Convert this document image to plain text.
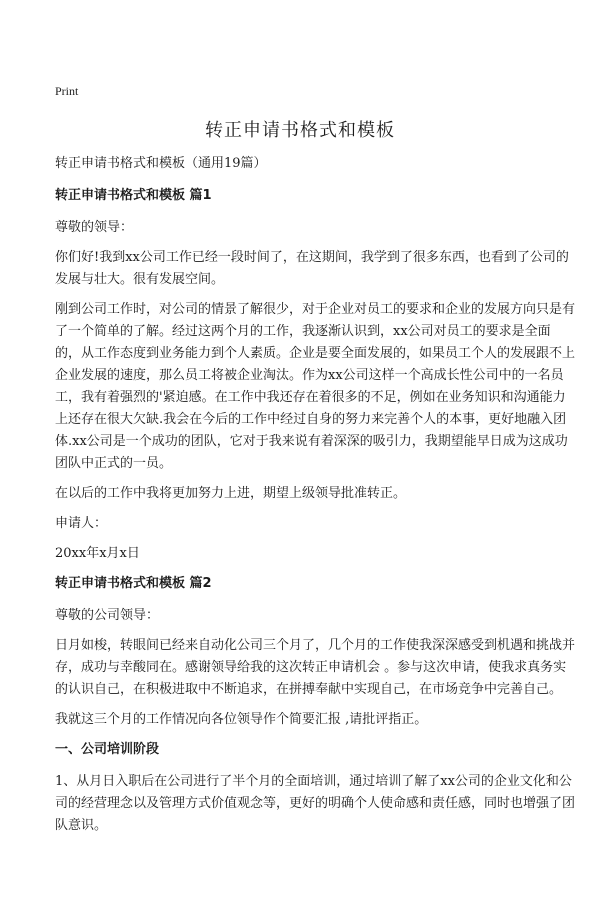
Print
转正申请书格式和模板

转正申请书格式和模板（通用19篇）

转正申请书格式和模板 篇1

尊敬的领导：

你们好!我到xx公司工作已经一段时间了，在这期间，我学到了很多东西，也看到了公司的发展与壮大。很有发展空间。

刚到公司工作时，对公司的情景了解很少，对于企业对员工的要求和企业的发展方向只是有了一个简单的了解。经过这两个月的工作，我逐渐认识到，xx公司对员工的要求是全面的，从工作态度到业务能力到个人素质。企业是要全面发展的，如果员工个人的发展跟不上企业发展的速度，那么员工将被企业淘汰。作为xx公司这样一个高成长性公司中的一名员工，我有着强烈的'紧迫感。在工作中我还存在着很多的不足，例如在业务知识和沟通能力上还存在很大欠缺.我会在今后的工作中经过自身的努力来完善个人的本事，更好地融入团体.xx公司是一个成功的团队，它对于我来说有着深深的吸引力，我期望能早日成为这成功团队中正式的一员。

在以后的工作中我将更加努力上进，期望上级领导批准转正。

申请人：

20xx年x月x日

转正申请书格式和模板 篇2

尊敬的公司领导：

日月如梭，转眼间已经来自动化公司三个月了，几个月的工作使我深深感受到机遇和挑战并存，成功与幸酸同在。感谢领导给我的这次转正申请机会 。参与这次申请，使我求真务实的认识自己，在积极进取中不断追求，在拼搏奉献中实现自己，在市场竞争中完善自己。

我就这三个月的工作情况向各位领导作个简要汇报 ,请批评指正。

一、公司培训阶段

1、从月日入职后在公司进行了半个月的全面培训，通过培训了解了xx公司的企业文化和公司的经营理念以及管理方式价值观念等，更好的明确个人使命感和责任感，同时也增强了团队意识。
